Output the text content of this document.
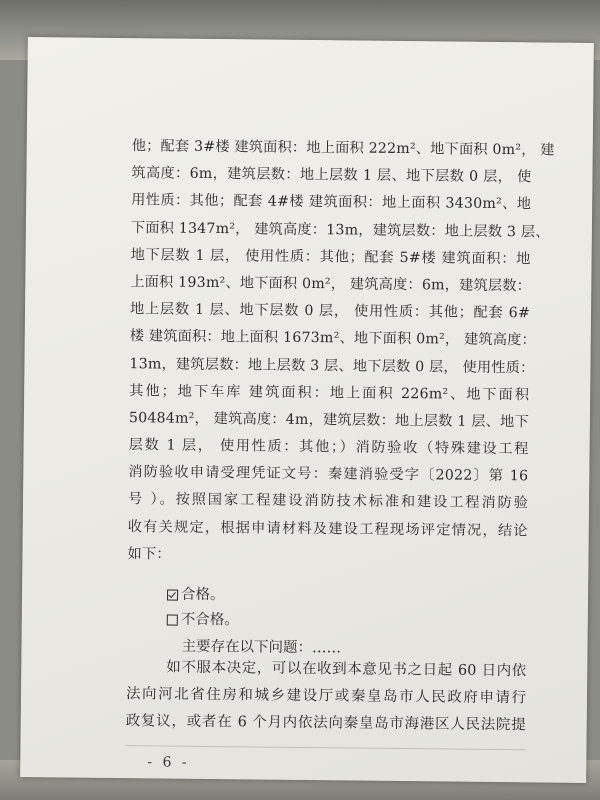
他；配套 3#楼 建筑面积：地上面积 222m²、地下面积 0m²， 建
筑高度：6m，建筑层数：地上层数 1 层、地下层数 0 层， 使
用性质：其他；配套 4#楼 建筑面积：地上面积 3430m²、地
下面积 1347m²， 建筑高度：13m，建筑层数：地上层数 3 层、
地下层数 1 层， 使用性质：其他；配套 5#楼 建筑面积：地
上面积 193m²、地下面积 0m²， 建筑高度：6m，建筑层数：
地上层数 1 层、地下层数 0 层， 使用性质：其他；配套 6#
楼 建筑面积：地上面积 1673m²、地下面积 0m²， 建筑高度：
13m，建筑层数：地上层数 3 层、地下层数 0 层， 使用性质：
其他；地下车库 建筑面积：地上面积 226m²、地下面积
50484m²， 建筑高度：4m，建筑层数：地上层数 1 层、地下
层数 1 层， 使用性质：其他；）消防验收（特殊建设工程
消防验收申请受理凭证文号：秦建消验受字〔2022〕第 16
号 ）。按照国家工程建设消防技术标准和建设工程消防验
收有关规定，根据申请材料及建设工程现场评定情况，结论
如下：
合格。
不合格。
主要存在以下问题：……
如不服本决定，可以在收到本意见书之日起 60 日内依
法向河北省住房和城乡建设厅或秦皇岛市人民政府申请行
政复议，或者在 6 个月内依法向秦皇岛市海港区人民法院提
- 6 -
